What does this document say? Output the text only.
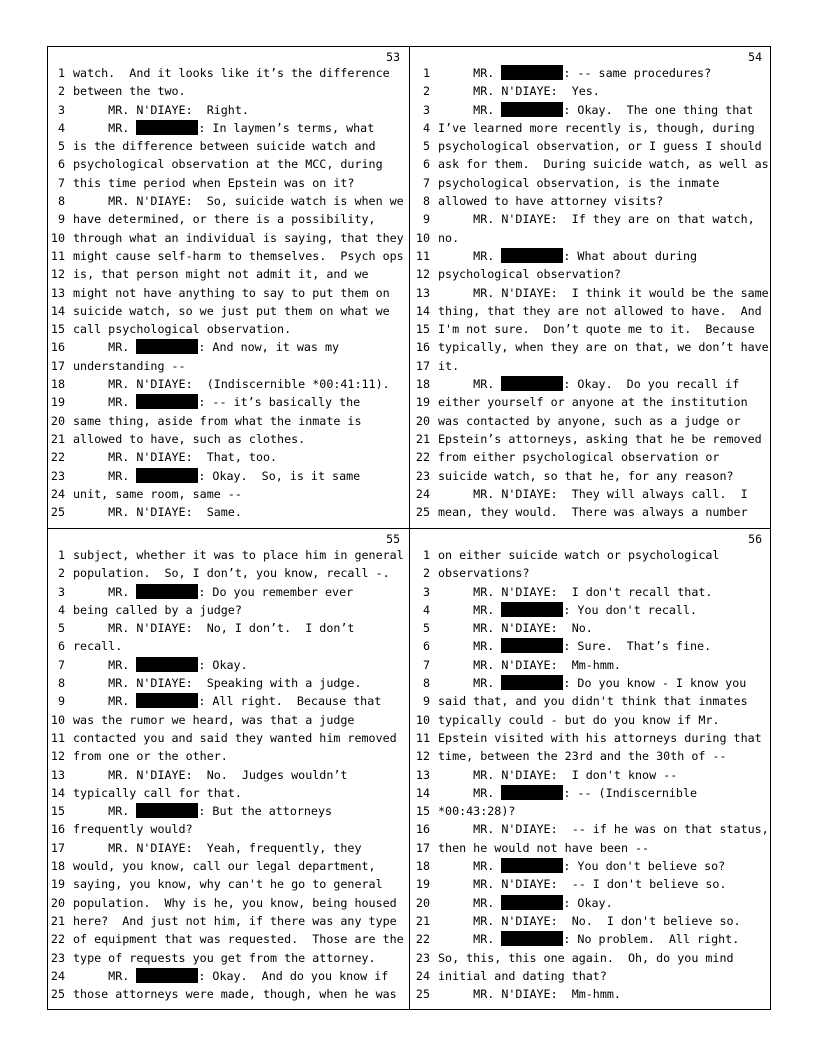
53
1 watch.  And it looks like it’s the difference
2 between the two.
3 MR. N'DIAYE:  Right.
4 MR.	: In laymen’s terms, what
5 is the difference between suicide watch and
6 psychological observation at the MCC, during
7 this time period when Epstein was on it?
8 MR. N'DIAYE:  So, suicide watch is when we
9 have determined, or there is a possibility,
10 through what an individual is saying, that they
11 might cause self-harm to themselves.  Psych ops
12 is, that person might not admit it, and we
13 might not have anything to say to put them on
14 suicide watch, so we just put them on what we
15 call psychological observation.
16 MR.	: And now, it was my
17 understanding --
18 MR. N'DIAYE:  (Indiscernible *00:41:11).
19 MR.	: -- it’s basically the
20 same thing, aside from what the inmate is
21 allowed to have, such as clothes.
22 MR. N'DIAYE:  That, too.
23 MR.	: Okay.  So, is it same
24 unit, same room, same --
25 MR. N'DIAYE:  Same.
54
1 MR.	: -- same procedures?
2 MR. N'DIAYE:  Yes.
3 MR.	: Okay.  The one thing that
4 I’ve learned more recently is, though, during
5 psychological observation, or I guess I should
6 ask for them.  During suicide watch, as well as
7 psychological observation, is the inmate
8 allowed to have attorney visits?
9 MR. N'DIAYE:  If they are on that watch,
10 no.
11 MR.	: What about during
12 psychological observation?
13 MR. N'DIAYE:  I think it would be the same
14 thing, that they are not allowed to have.  And
15 I'm not sure.  Don’t quote me to it.  Because
16 typically, when they are on that, we don’t have
17 it.
18 MR.	: Okay.  Do you recall if
19 either yourself or anyone at the institution
20 was contacted by anyone, such as a judge or
21 Epstein’s attorneys, asking that he be removed
22 from either psychological observation or
23 suicide watch, so that he, for any reason?
24 MR. N'DIAYE:  They will always call.  I
25 mean, they would.  There was always a number
55
1 subject, whether it was to place him in general
2 population.  So, I don’t, you know, recall -.
3 MR.	: Do you remember ever
4 being called by a judge?
5 MR. N'DIAYE:  No, I don’t.  I don’t
6 recall.
7 MR.	: Okay.
8 MR. N'DIAYE:  Speaking with a judge.
9 MR.	: All right.  Because that
10 was the rumor we heard, was that a judge
11 contacted you and said they wanted him removed
12 from one or the other.
13 MR. N'DIAYE:  No.  Judges wouldn’t
14 typically call for that.
15 MR.	: But the attorneys
16 frequently would?
17 MR. N'DIAYE:  Yeah, frequently, they
18 would, you know, call our legal department,
19 saying, you know, why can't he go to general
20 population.  Why is he, you know, being housed
21 here?  And just not him, if there was any type
22 of equipment that was requested.  Those are the
23 type of requests you get from the attorney.
24 MR.	: Okay.  And do you know if
25 those attorneys were made, though, when he was
56
1 on either suicide watch or psychological
2 observations?
3 MR. N'DIAYE:  I don't recall that.
4 MR.	: You don't recall.
5 MR. N'DIAYE:  No.
6 MR.	: Sure.  That’s fine.
7 MR. N'DIAYE:  Mm-hmm.
8 MR.	: Do you know - I know you
9 said that, and you didn't think that inmates
10 typically could - but do you know if Mr.
11 Epstein visited with his attorneys during that
12 time, between the 23rd and the 30th of --
13 MR. N'DIAYE:  I don't know --
14 MR.	: -- (Indiscernible
15 *00:43:28)?
16 MR. N'DIAYE:  -- if he was on that status,
17 then he would not have been --
18 MR.	: You don't believe so?
19 MR. N'DIAYE:  -- I don't believe so.
20 MR.	: Okay.
21 MR. N'DIAYE:  No.  I don't believe so.
22 MR.	: No problem.  All right.
23 So, this, this one again.  Oh, do you mind
24 initial and dating that?
25 MR. N'DIAYE:  Mm-hmm.
